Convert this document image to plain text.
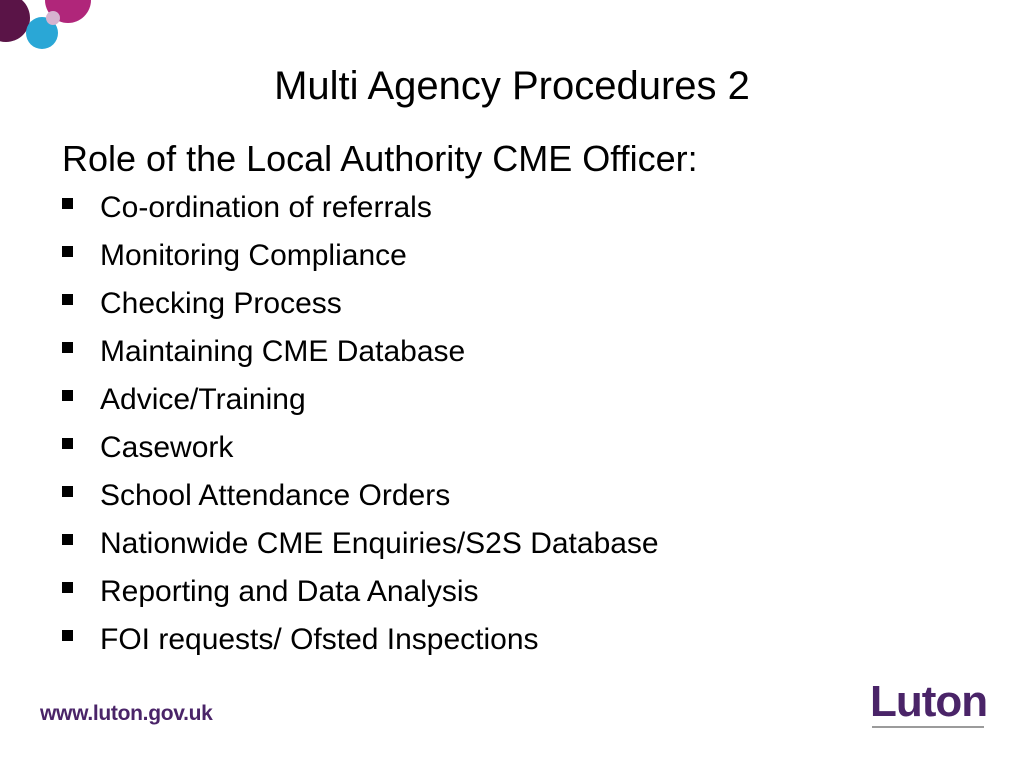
Multi Agency Procedures 2
Role of the Local Authority CME Officer:
Co-ordination of referrals
Monitoring Compliance
Checking Process
Maintaining CME Database
Advice/Training
Casework
School Attendance Orders
Nationwide CME Enquiries/S2S Database
Reporting and Data Analysis
FOI requests/ Ofsted Inspections
www.luton.gov.uk	Luton
